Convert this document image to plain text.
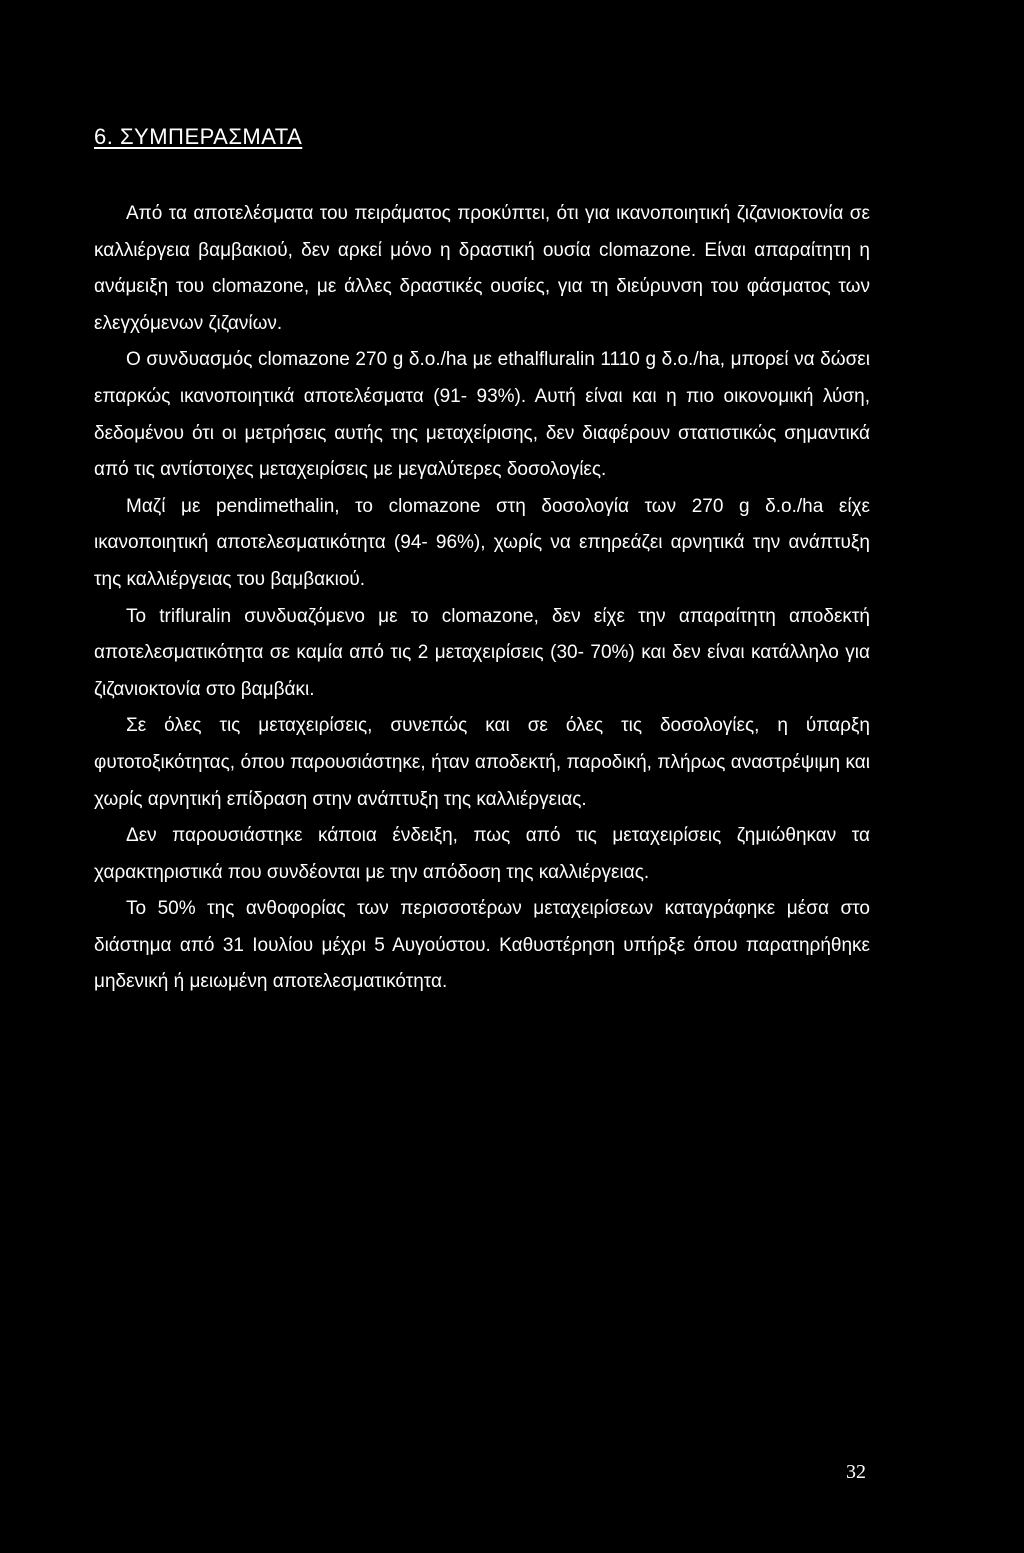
6. ΣΥΜΠΕΡΑΣΜΑΤΑ

Από τα αποτελέσματα του πειράματος προκύπτει, ότι για ικανοποιητική ζιζανιοκτονία σε καλλιέργεια βαμβακιού, δεν αρκεί μόνο η δραστική ουσία clomazone. Είναι απαραίτητη η ανάμειξη του clomazone, με άλλες δραστικές ουσίες, για τη διεύρυνση του φάσματος των ελεγχόμενων ζιζανίων.

Ο συνδυασμός clomazone 270 g δ.ο./ha με ethalfluralin 1110 g δ.ο./ha, μπορεί να δώσει επαρκώς ικανοποιητικά αποτελέσματα (91- 93%). Αυτή είναι και η πιο οικονομική λύση, δεδομένου ότι οι μετρήσεις αυτής της μεταχείρισης, δεν διαφέρουν στατιστικώς σημαντικά από τις αντίστοιχες μεταχειρίσεις με μεγαλύτερες δοσολογίες.

Μαζί με pendimethalin, το clomazone στη δοσολογία των 270 g δ.ο./ha είχε ικανοποιητική αποτελεσματικότητα (94- 96%), χωρίς να επηρεάζει αρνητικά την ανάπτυξη της καλλιέργειας του βαμβακιού.

Το trifluralin συνδυαζόμενο με το clomazone, δεν είχε την απαραίτητη αποδεκτή αποτελεσματικότητα σε καμία από τις 2 μεταχειρίσεις (30- 70%) και δεν είναι κατάλληλο για ζιζανιοκτονία στο βαμβάκι.

Σε όλες τις μεταχειρίσεις, συνεπώς και σε όλες τις δοσολογίες, η ύπαρξη φυτοτοξικότητας, όπου παρουσιάστηκε, ήταν αποδεκτή, παροδική, πλήρως αναστρέψιμη και χωρίς αρνητική επίδραση στην ανάπτυξη της καλλιέργειας.

Δεν παρουσιάστηκε κάποια ένδειξη, πως από τις μεταχειρίσεις ζημιώθηκαν τα χαρακτηριστικά που συνδέονται με την απόδοση της καλλιέργειας.

Το 50% της ανθοφορίας των περισσοτέρων μεταχειρίσεων καταγράφηκε μέσα στο διάστημα από 31 Ιουλίου μέχρι 5 Αυγούστου. Καθυστέρηση υπήρξε όπου παρατηρήθηκε μηδενική ή μειωμένη αποτελεσματικότητα.

32
